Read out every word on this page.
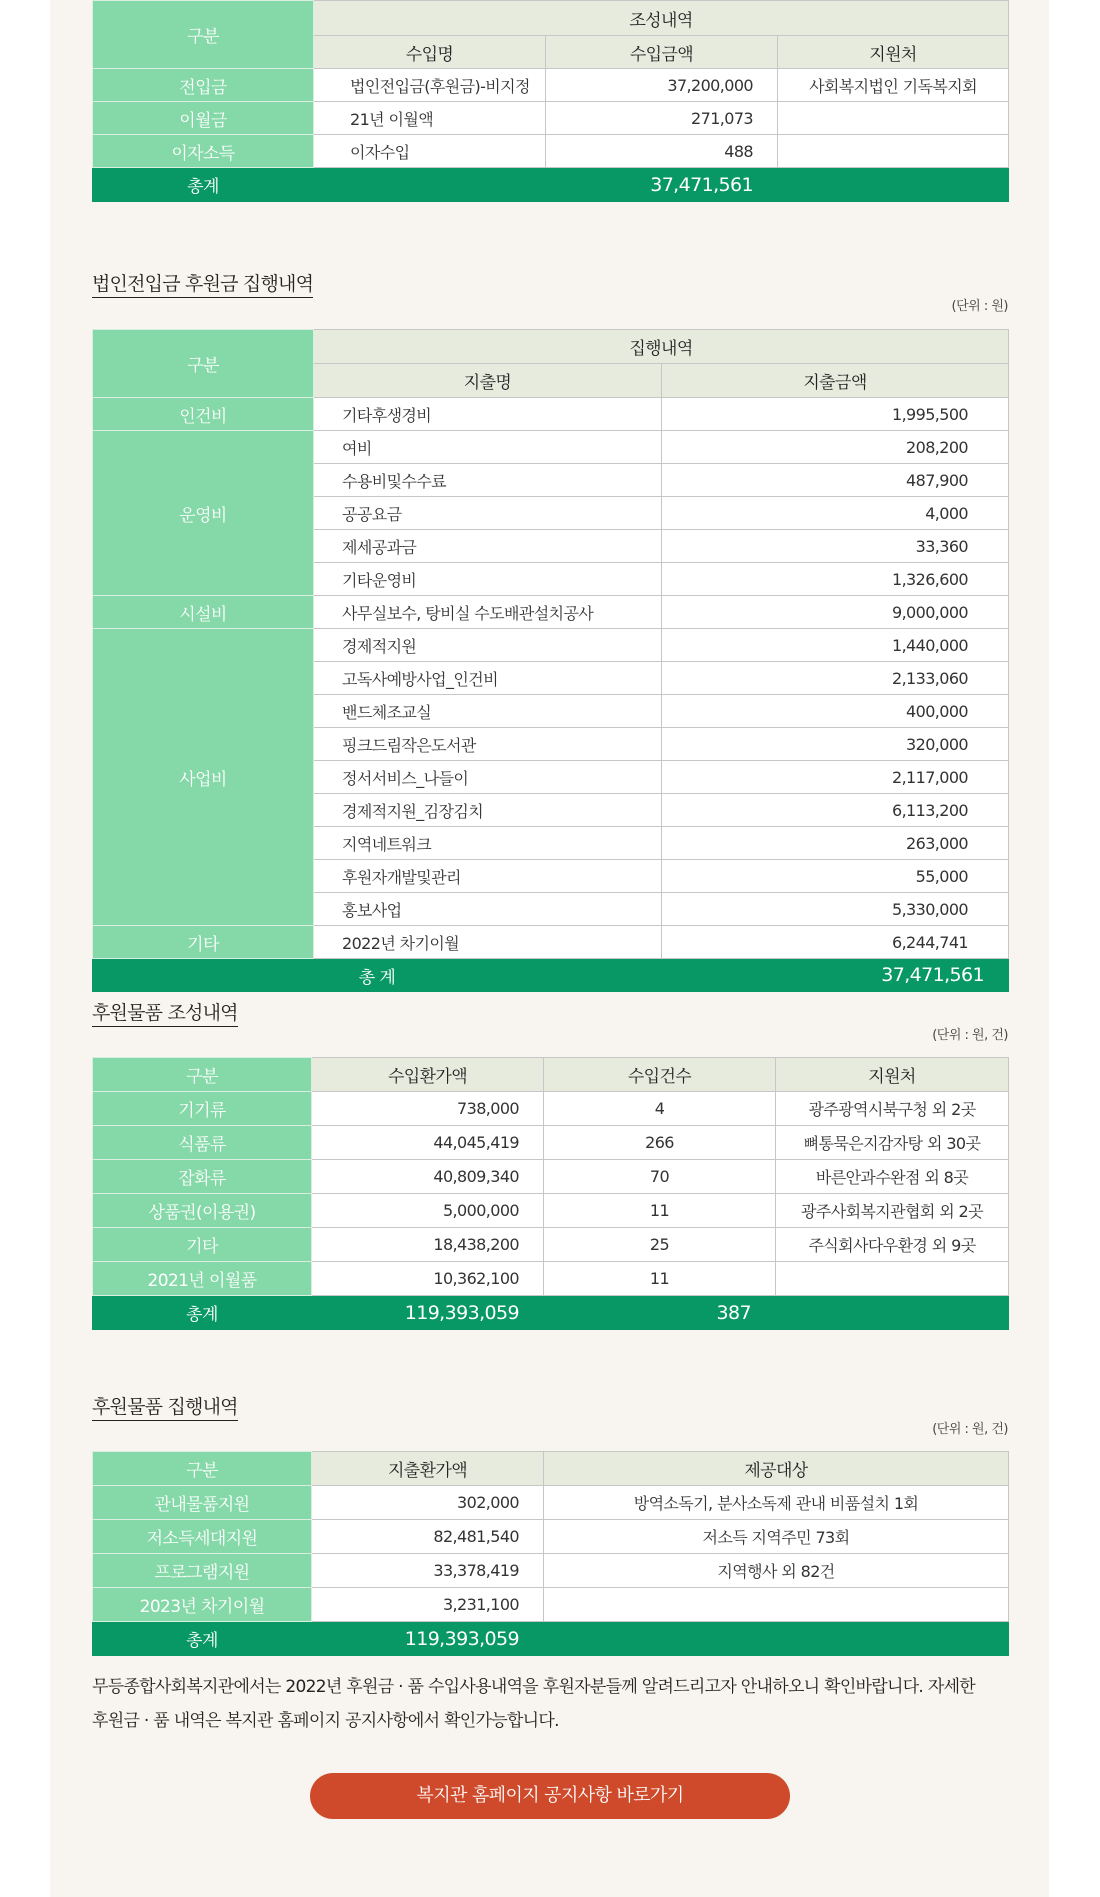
구분	조성내역		
	수입명	수입금액	지원처
전입금	법인전입금(후원금)-비지정	37,200,000	사회복지법인 기독복지회
이월금	21년 이월액	271,073	
이자소득	이자수입	488	
총계		37,471,561	
법인전입금 후원금 집행내역
(단위 : 원)
구분	집행내역	
	지출명	지출금액
인건비	기타후생경비	1,995,500
운영비	여비	208,200
	수용비및수수료	487,900
	공공요금	4,000
	제세공과금	33,360
	기타운영비	1,326,600
시설비	사무실보수, 탕비실 수도배관설치공사	9,000,000
사업비	경제적지원	1,440,000
	고독사예방사업_인건비	2,133,060
	밴드체조교실	400,000
	핑크드림작은도서관	320,000
	정서서비스_나들이	2,117,000
	경제적지원_김장김치	6,113,200
	지역네트워크	263,000
	후원자개발및관리	55,000
	홍보사업	5,330,000
기타	2022년 차기이월	6,244,741
총 계		37,471,561
후원물품 조성내역
(단위 : 원, 건)
구분	수입환가액	수입건수	지원처
기기류	738,000	4	광주광역시북구청 외 2곳
식품류	44,045,419	266	뼈통묵은지감자탕 외 30곳
잡화류	40,809,340	70	바른안과수완점 외 8곳
상품권(이용권)	5,000,000	11	광주사회복지관협회 외 2곳
기타	18,438,200	25	주식회사다우환경 외 9곳
2021년 이월품	10,362,100	11	
총계	119,393,059	387	
후원물품 집행내역
(단위 : 원, 건)
구분	지출환가액	제공대상
관내물품지원	302,000	방역소독기, 분사소독제 관내 비품설치 1회
저소득세대지원	82,481,540	저소득 지역주민 73회
프로그램지원	33,378,419	지역행사 외 82건
2023년 차기이월	3,231,100	
총계	119,393,059	
무등종합사회복지관에서는 2022년 후원금 · 품 수입사용내역을 후원자분들께 알려드리고자 안내하오니 확인바랍니다. 자세한
후원금 · 품 내역은 복지관 홈페이지 공지사항에서 확인가능합니다.
복지관 홈페이지 공지사항 바로가기
